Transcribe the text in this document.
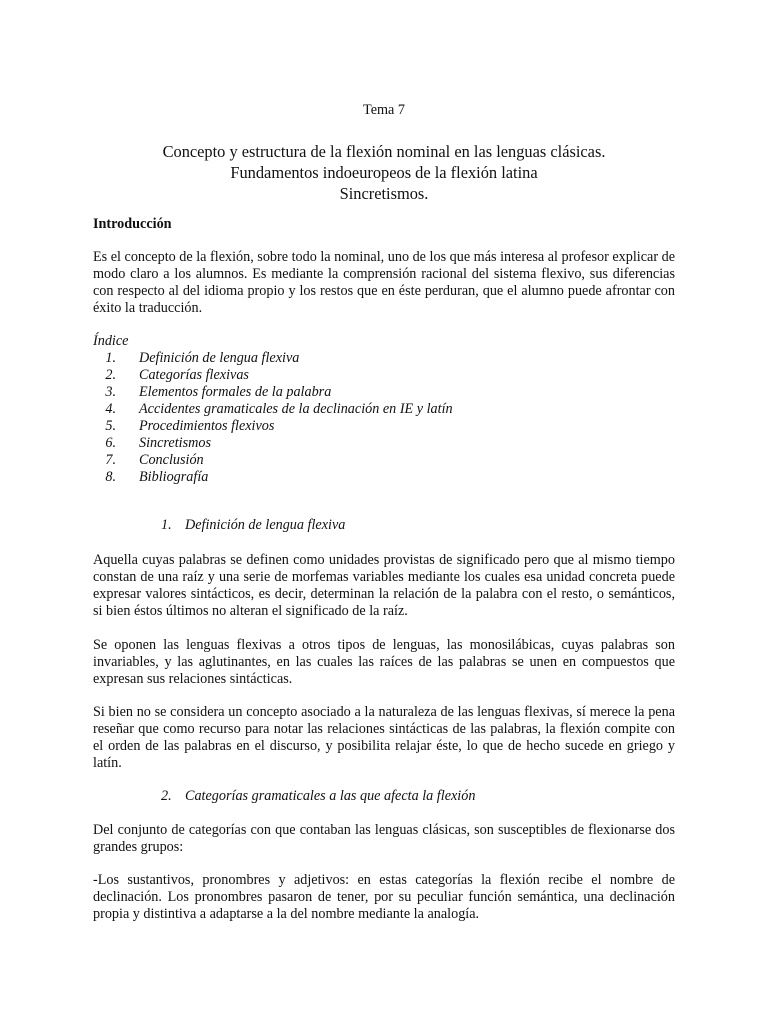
Tema 7
Concepto y estructura de la flexión nominal en las lenguas clásicas.
Fundamentos indoeuropeos de la flexión latina
Sincretismos.
Introducción

Es el concepto de la flexión, sobre todo la nominal, uno de los que más interesa al profesor explicar de modo claro a los alumnos. Es mediante la comprensión racional del sistema flexivo, sus diferencias con respecto al del idioma propio y los restos que en éste perduran, que el alumno puede afrontar con éxito la traducción.

Índice
1. Definición de lengua flexiva
2. Categorías flexivas
3. Elementos formales de la palabra
4. Accidentes gramaticales de la declinación en IE y latín
5. Procedimientos flexivos
6. Sincretismos
7. Conclusión
8. Bibliografía
1. Definición de lengua flexiva

Aquella cuyas palabras se definen como unidades provistas de significado pero que al mismo tiempo constan de una raíz y una serie de morfemas variables mediante los cuales esa unidad concreta puede expresar valores sintácticos, es decir, determinan la relación de la palabra con el resto, o semánticos, si bien éstos últimos no alteran el significado de la raíz.

Se oponen las lenguas flexivas a otros tipos de lenguas, las monosilábicas, cuyas palabras son invariables, y las aglutinantes, en las cuales las raíces de las palabras se unen en compuestos que expresan sus relaciones sintácticas.

Si bien no se considera un concepto asociado a la naturaleza de las lenguas flexivas, sí merece la pena reseñar que como recurso para notar las relaciones sintácticas de las palabras, la flexión compite con el orden de las palabras en el discurso, y posibilita relajar éste, lo que de hecho sucede en griego y latín.

2. Categorías gramaticales a las que afecta la flexión

Del conjunto de categorías con que contaban las lenguas clásicas, son susceptibles de flexionarse dos grandes grupos:

-Los sustantivos, pronombres y adjetivos: en estas categorías la flexión recibe el nombre de declinación. Los pronombres pasaron de tener, por su peculiar función semántica, una declinación propia y distintiva a adaptarse a la del nombre mediante la analogía.
